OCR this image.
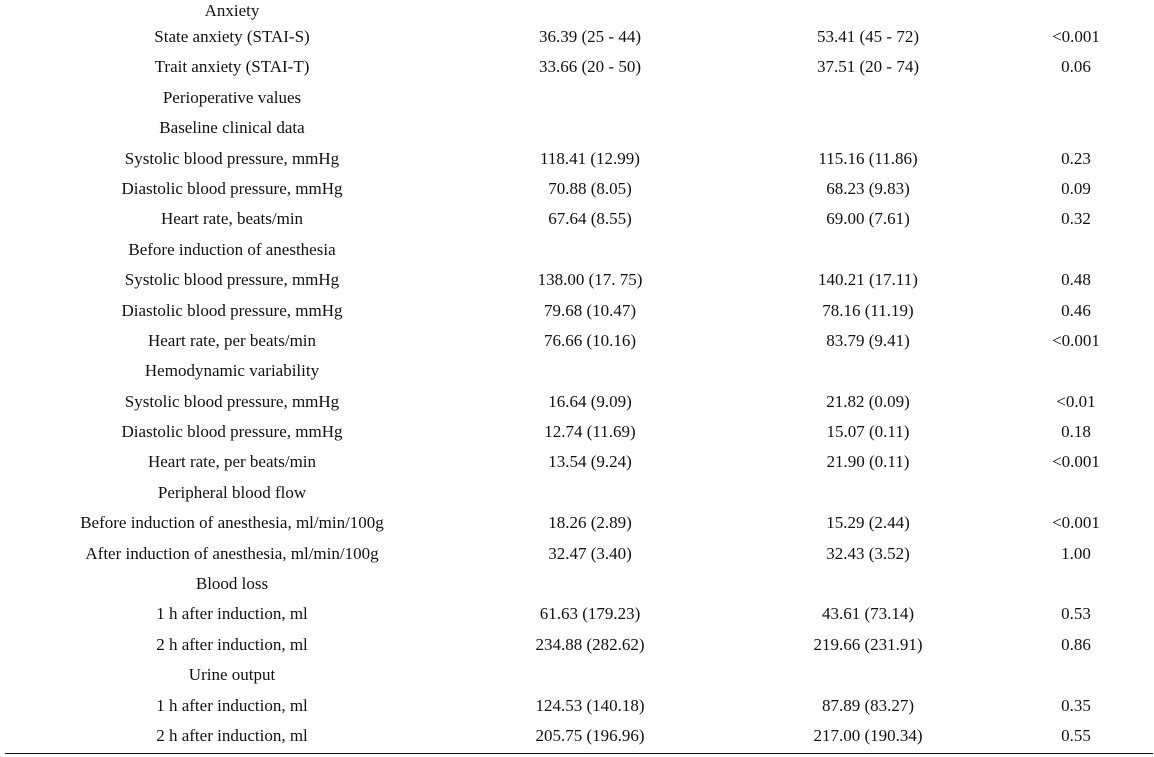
Anxiety
State anxiety (STAI-S)	36.39 (25 - 44)	53.41 (45 - 72)	<0.001
Trait anxiety (STAI-T)	33.66 (20 - 50)	37.51 (20 - 74)	0.06
Perioperative values
Baseline clinical data
Systolic blood pressure, mmHg	118.41 (12.99)	115.16 (11.86)	0.23
Diastolic blood pressure, mmHg	70.88 (8.05)	68.23 (9.83)	0.09
Heart rate, beats/min	67.64 (8.55)	69.00 (7.61)	0.32
Before induction of anesthesia
Systolic blood pressure, mmHg	138.00 (17. 75)	140.21 (17.11)	0.48
Diastolic blood pressure, mmHg	79.68 (10.47)	78.16 (11.19)	0.46
Heart rate, per beats/min	76.66 (10.16)	83.79 (9.41)	<0.001
Hemodynamic variability
Systolic blood pressure, mmHg	16.64 (9.09)	21.82 (0.09)	<0.01
Diastolic blood pressure, mmHg	12.74 (11.69)	15.07 (0.11)	0.18
Heart rate, per beats/min	13.54 (9.24)	21.90 (0.11)	<0.001
Peripheral blood flow
Before induction of anesthesia, ml/min/100g	18.26 (2.89)	15.29 (2.44)	<0.001
After induction of anesthesia, ml/min/100g	32.47 (3.40)	32.43 (3.52)	1.00
Blood loss
1 h after induction, ml	61.63 (179.23)	43.61 (73.14)	0.53
2 h after induction, ml	234.88 (282.62)	219.66 (231.91)	0.86
Urine output
1 h after induction, ml	124.53 (140.18)	87.89 (83.27)	0.35
2 h after induction, ml	205.75 (196.96)	217.00 (190.34)	0.55
